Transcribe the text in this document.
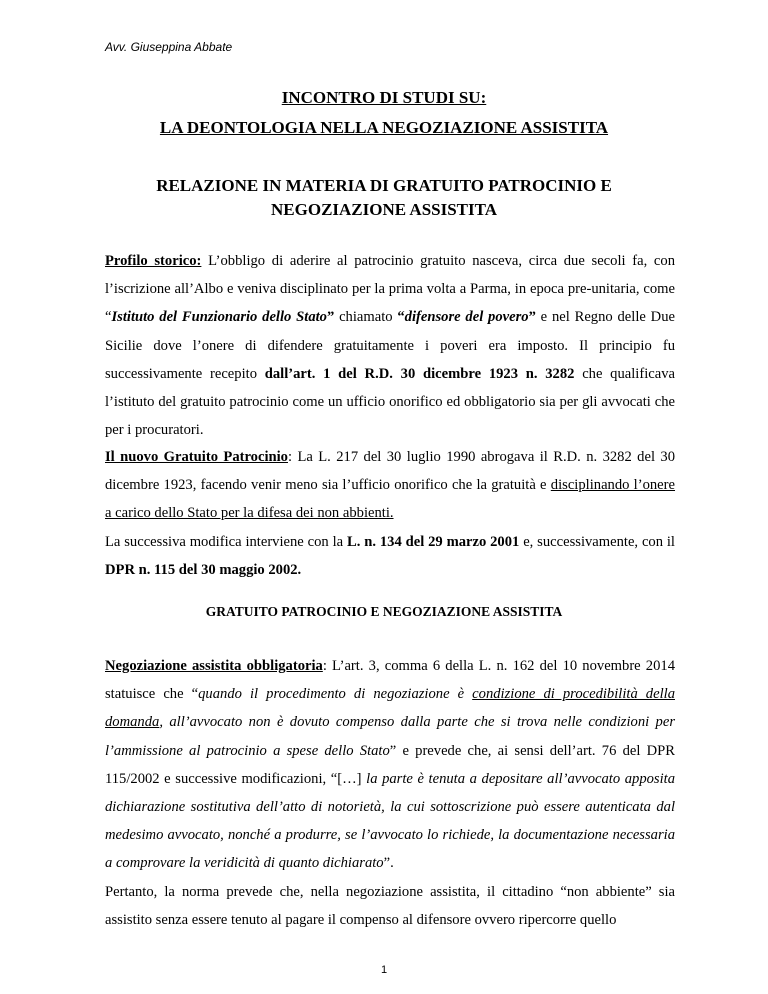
Avv. Giuseppina Abbate
INCONTRO DI STUDI SU:
LA DEONTOLOGIA NELLA NEGOZIAZIONE ASSISTITA
RELAZIONE IN MATERIA DI GRATUITO PATROCINIO E NEGOZIAZIONE ASSISTITA
Profilo storico: L’obbligo di aderire al patrocinio gratuito nasceva, circa due secoli fa, con l’iscrizione all’Albo e veniva disciplinato per la prima volta a Parma, in epoca pre-unitaria, come “Istituto del Funzionario dello Stato” chiamato “difensore del povero” e nel Regno delle Due Sicilie dove l’onere di difendere gratuitamente i poveri era imposto. Il principio fu successivamente recepito dall’art. 1 del R.D. 30 dicembre 1923 n. 3282 che qualificava l’istituto del gratuito patrocinio come un ufficio onorifico ed obbligatorio sia per gli avvocati che per i procuratori.
Il nuovo Gratuito Patrocinio: La L. 217 del 30 luglio 1990 abrogava il R.D. n. 3282 del 30 dicembre 1923, facendo venir meno sia l’ufficio onorifico che la gratuità e disciplinando l’onere a carico dello Stato per la difesa dei non abbienti.
La successiva modifica interviene con la L. n. 134 del 29 marzo 2001 e, successivamente, con il DPR n. 115 del 30 maggio 2002.
GRATUITO PATROCINIO E NEGOZIAZIONE ASSISTITA
Negoziazione assistita obbligatoria: L’art. 3, comma 6 della L. n. 162 del 10 novembre 2014 statuisce che “quando il procedimento di negoziazione è condizione di procedibilità della domanda, all’avvocato non è dovuto compenso dalla parte che si trova nelle condizioni per l’ammissione al patrocinio a spese dello Stato” e prevede che, ai sensi dell’art. 76 del DPR 115/2002 e successive modificazioni, “[…] la parte è tenuta a depositare all’avvocato apposita dichiarazione sostitutiva dell’atto di notorietà, la cui sottoscrizione può essere autenticata dal medesimo avvocato, nonché a produrre, se l’avvocato lo richiede, la documentazione necessaria a comprovare la veridicità di quanto dichiarato”.
Pertanto, la norma prevede che, nella negoziazione assistita, il cittadino “non abbiente” sia assistito senza essere tenuto al pagare il compenso al difensore ovvero ripercorre quello
1
